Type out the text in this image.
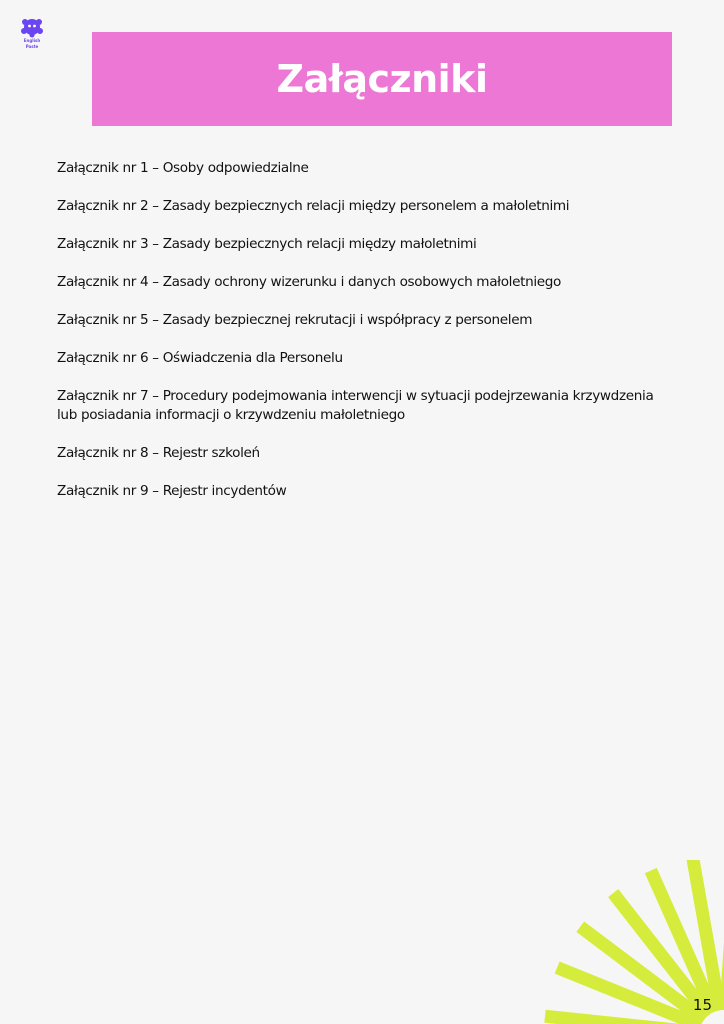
English
Paste
Załączniki
Załącznik nr 1 – Osoby odpowiedzialne
Załącznik nr 2 – Zasady bezpiecznych relacji między personelem a małoletnimi
Załącznik nr 3 – Zasady bezpiecznych relacji między małoletnimi
Załącznik nr 4 – Zasady ochrony wizerunku i danych osobowych małoletniego
Załącznik nr 5 – Zasady bezpiecznej rekrutacji i współpracy z personelem
Załącznik nr 6 – Oświadczenia dla Personelu
Załącznik nr 7 – Procedury podejmowania interwencji w sytuacji podejrzewania krzywdzenia lub posiadania informacji o krzywdzeniu małoletniego
Załącznik nr 8 – Rejestr szkoleń
Załącznik nr 9 – Rejestr incydentów
15
